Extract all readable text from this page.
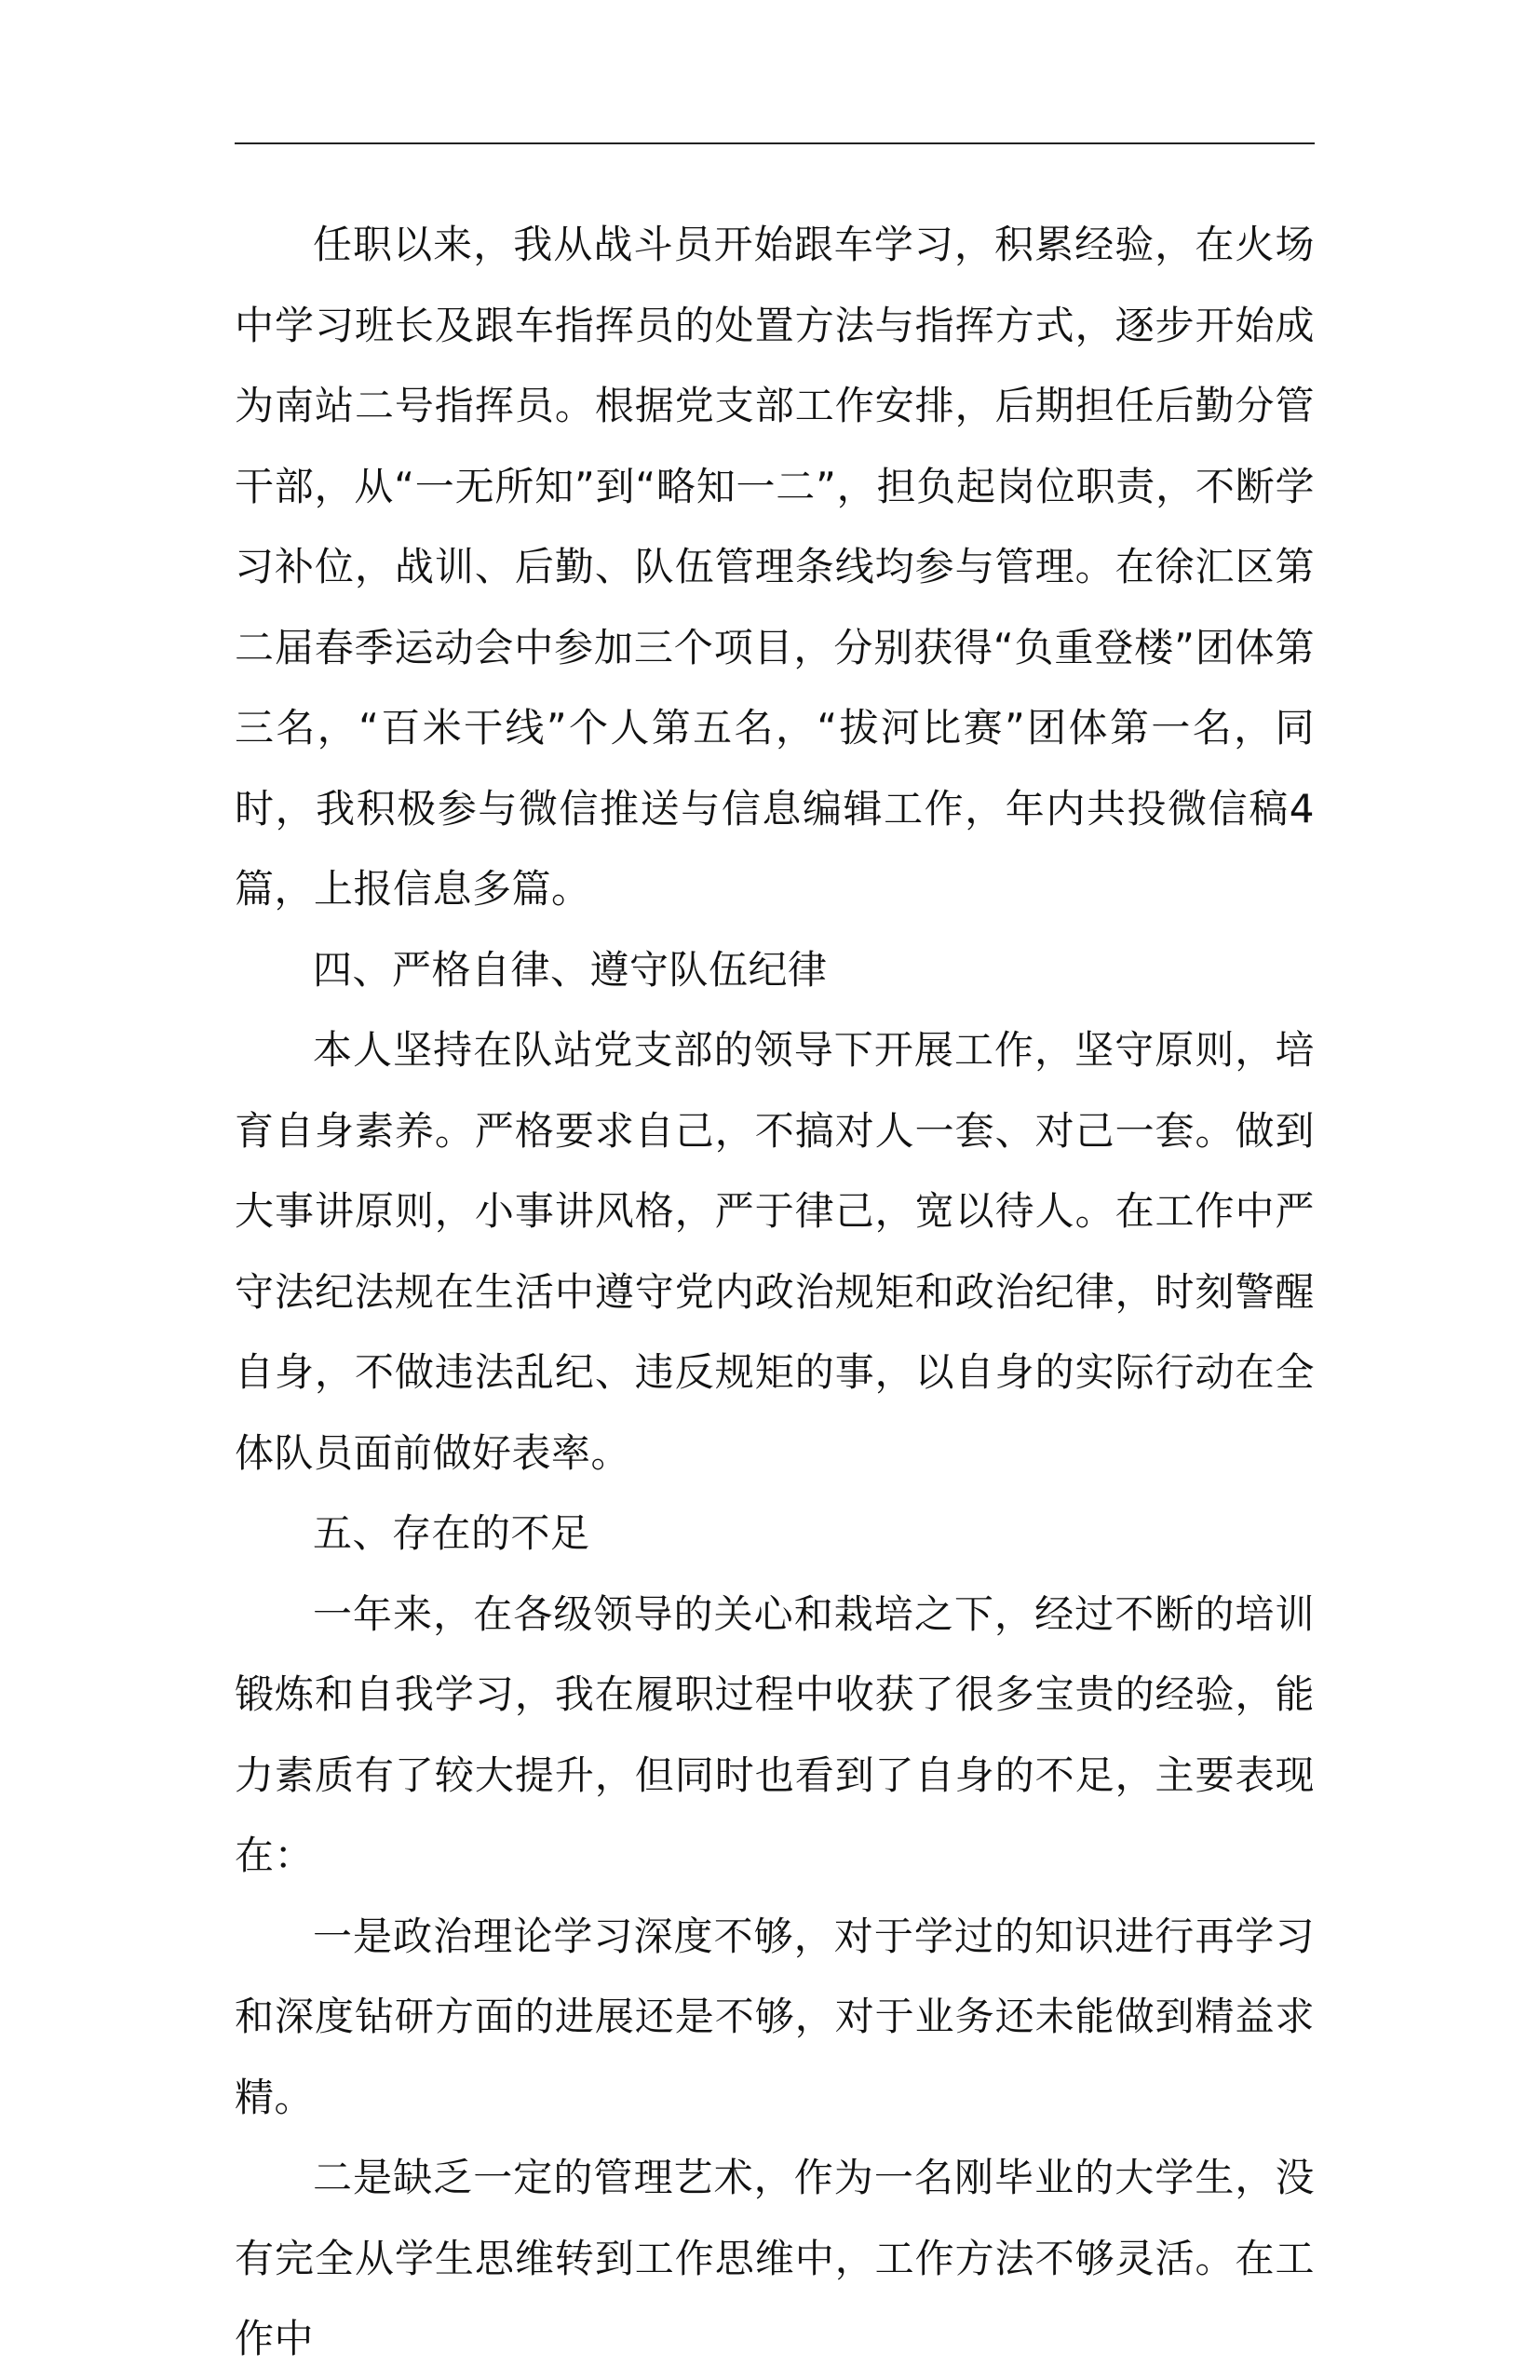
任职以来，我从战斗员开始跟车学习，积累经验，在火场中学习班长及跟车指挥员的处置方法与指挥方式，逐步开始成为南站二号指挥员。根据党支部工作安排，后期担任后勤分管干部，从“一无所知”到“略知一二”，担负起岗位职责，不断学习补位，战训、后勤、队伍管理条线均参与管理。在徐汇区第二届春季运动会中参加三个项目，分别获得“负重登楼”团体第三名，“百米干线”个人第五名，“拔河比赛”团体第一名，同时，我积极参与微信推送与信息编辑工作，年内共投微信稿4篇，上报信息多篇。

四、严格自律、遵守队伍纪律

本人坚持在队站党支部的领导下开展工作，坚守原则，培育自身素养。严格要求自己，不搞对人一套、对己一套。做到大事讲原则，小事讲风格，严于律己，宽以待人。在工作中严守法纪法规在生活中遵守党内政治规矩和政治纪律，时刻警醒自身，不做违法乱纪、违反规矩的事，以自身的实际行动在全体队员面前做好表率。

五、存在的不足

一年来，在各级领导的关心和栽培之下，经过不断的培训锻炼和自我学习，我在履职过程中收获了很多宝贵的经验，能力素质有了较大提升，但同时也看到了自身的不足，主要表现在：

一是政治理论学习深度不够，对于学过的知识进行再学习和深度钻研方面的进展还是不够，对于业务还未能做到精益求精。

二是缺乏一定的管理艺术，作为一名刚毕业的大学生，没有完全从学生思维转到工作思维中，工作方法不够灵活。在工作中
